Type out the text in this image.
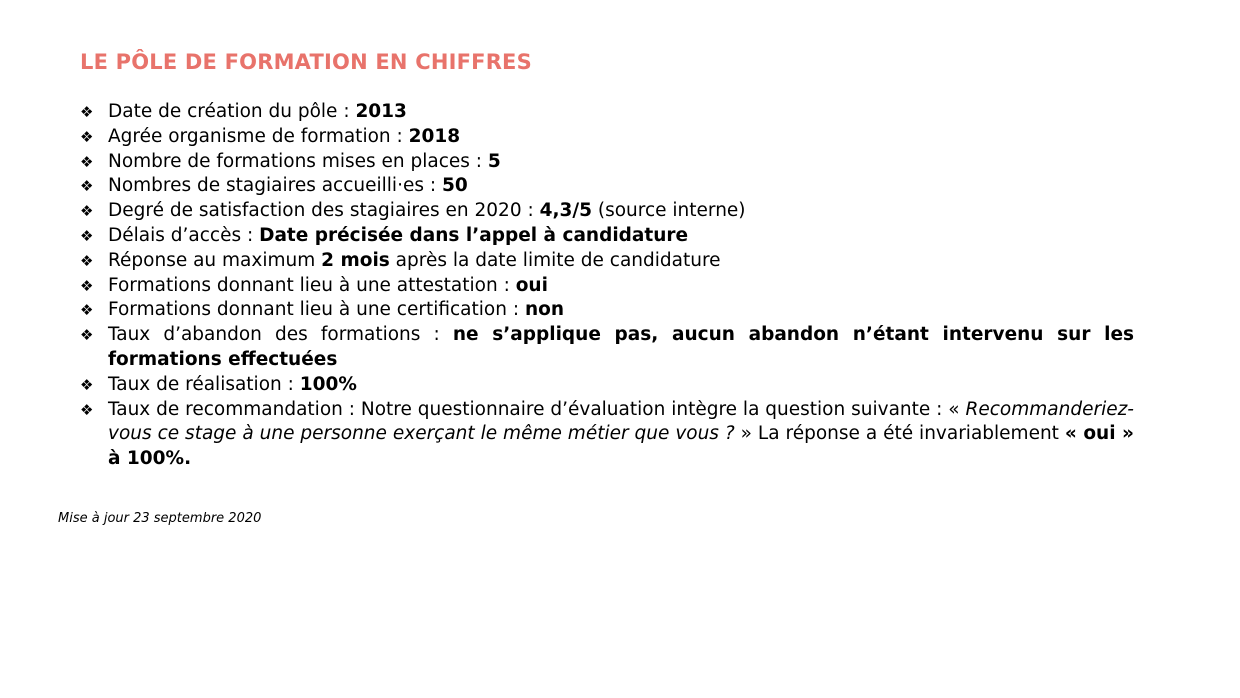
LE PÔLE DE FORMATION EN CHIFFRES
❖ Date de création du pôle : 2013
❖ Agrée organisme de formation : 2018
❖ Nombre de formations mises en places : 5
❖ Nombres de stagiaires accueilli·es : 50
❖ Degré de satisfaction des stagiaires en 2020 : 4,3/5 (source interne)
❖ Délais d’accès : Date précisée dans l’appel à candidature
❖ Réponse au maximum 2 mois après la date limite de candidature
❖ Formations donnant lieu à une attestation : oui
❖ Formations donnant lieu à une certification : non
❖ Taux d’abandon des formations : ne s’applique pas, aucun abandon n’étant intervenu sur les formations effectuées
❖ Taux de réalisation : 100%
❖ Taux de recommandation : Notre questionnaire d’évaluation intègre la question suivante : « Recommanderiez-vous ce stage à une personne exerçant le même métier que vous ? » La réponse a été invariablement « oui » à 100%.

Mise à jour 23 septembre 2020
